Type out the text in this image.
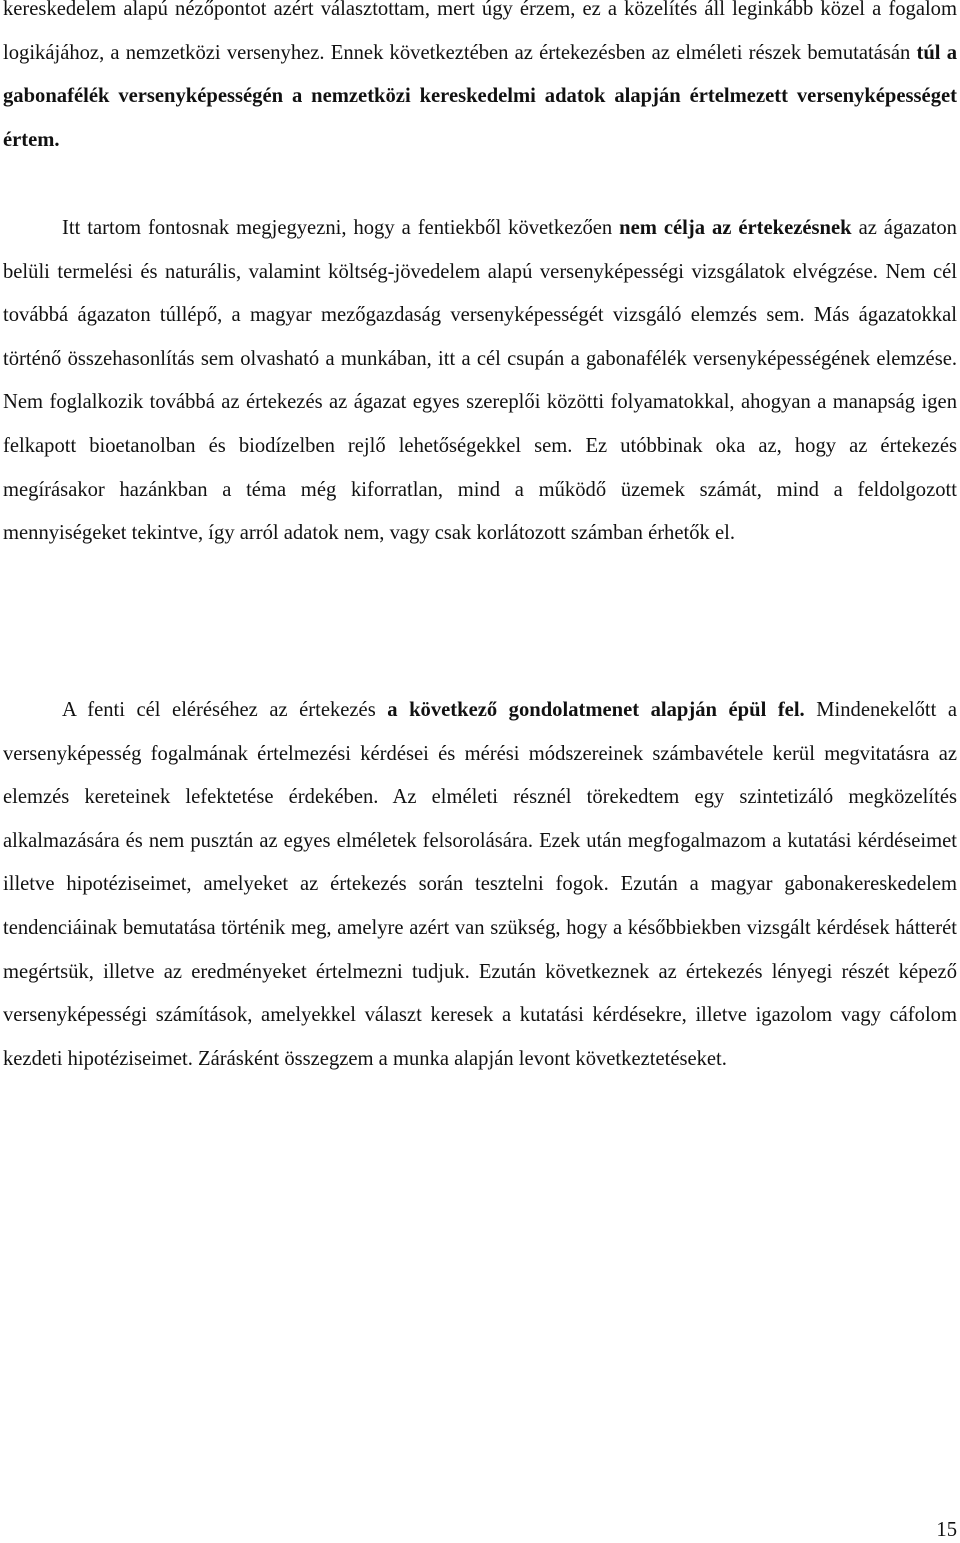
kereskedelem alapú nézőpontot azért választottam, mert úgy érzem, ez a közelítés áll leginkább közel a fogalom logikájához, a nemzetközi versenyhez. Ennek következtében az értekezésben az elméleti részek bemutatásán túl a gabonafélék versenyképességén a nemzetközi kereskedelmi adatok alapján értelmezett versenyképességet értem.

Itt tartom fontosnak megjegyezni, hogy a fentiekből következően nem célja az értekezésnek az ágazaton belüli termelési és naturális, valamint költség-jövedelem alapú versenyképességi vizsgálatok elvégzése. Nem cél továbbá ágazaton túllépő, a magyar mezőgazdaság versenyképességét vizsgáló elemzés sem. Más ágazatokkal történő összehasonlítás sem olvasható a munkában, itt a cél csupán a gabonafélék versenyképességének elemzése. Nem foglalkozik továbbá az értekezés az ágazat egyes szereplői közötti folyamatokkal, ahogyan a manapság igen felkapott bioetanolban és biodízelben rejlő lehetőségekkel sem. Ez utóbbinak oka az, hogy az értekezés megírásakor hazánkban a téma még kiforratlan, mind a működő üzemek számát, mind a feldolgozott mennyiségeket tekintve, így arról adatok nem, vagy csak korlátozott számban érhetők el.

A fenti cél eléréséhez az értekezés a következő gondolatmenet alapján épül fel. Mindenekelőtt a versenyképesség fogalmának értelmezési kérdései és mérési módszereinek számbavétele kerül megvitatásra az elemzés kereteinek lefektetése érdekében. Az elméleti résznél törekedtem egy szintetizáló megközelítés alkalmazására és nem pusztán az egyes elméletek felsorolására. Ezek után megfogalmazom a kutatási kérdéseimet illetve hipotéziseimet, amelyeket az értekezés során tesztelni fogok. Ezután a magyar gabonakereskedelem tendenciáinak bemutatása történik meg, amelyre azért van szükség, hogy a későbbiekben vizsgált kérdések hátterét megértsük, illetve az eredményeket értelmezni tudjuk. Ezután következnek az értekezés lényegi részét képező versenyképességi számítások, amelyekkel választ keresek a kutatási kérdésekre, illetve igazolom vagy cáfolom kezdeti hipotéziseimet. Zárásként összegzem a munka alapján levont következtetéseket.

15
